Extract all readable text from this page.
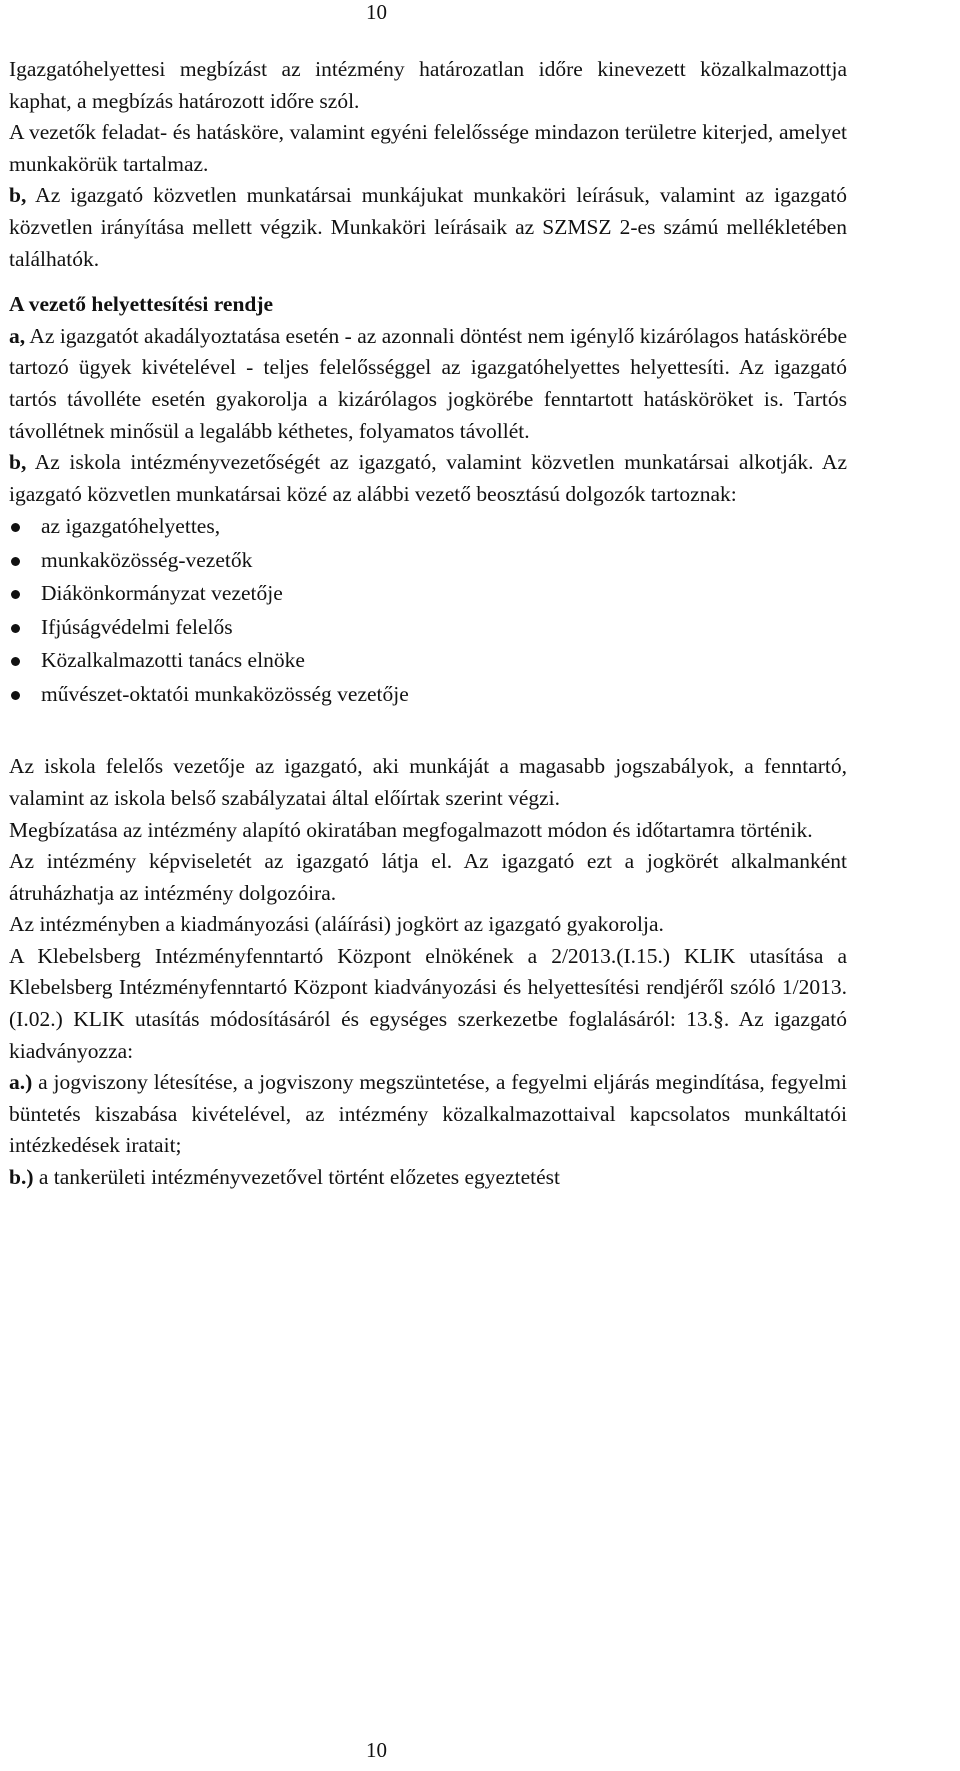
10

Igazgatóhelyettesi megbízást az intézmény határozatlan időre kinevezett közalkalmazottja kaphat, a megbízás határozott időre szól.

A vezetők feladat- és hatásköre, valamint egyéni felelőssége mindazon területre kiterjed, amelyet munkakörük tartalmaz.

b, Az igazgató közvetlen munkatársai munkájukat munkaköri leírásuk, valamint az igazgató közvetlen irányítása mellett végzik. Munkaköri leírásaik az SZMSZ 2-es számú mellékletében találhatók.

A vezető helyettesítési rendje

a, Az igazgatót akadályoztatása esetén - az azonnali döntést nem igénylő kizárólagos hatáskörébe tartozó ügyek kivételével - teljes felelősséggel az igazgatóhelyettes helyettesíti. Az igazgató tartós távolléte esetén gyakorolja a kizárólagos jogkörébe fenntartott hatásköröket is. Tartós távollétnek minősül a legalább kéthetes, folyamatos távollét.

b, Az iskola intézményvezetőségét az igazgató, valamint közvetlen munkatársai alkotják. Az igazgató közvetlen munkatársai közé az alábbi vezető beosztású dolgozók tartoznak:

az igazgatóhelyettes,
munkaközösség-vezetők
Diákönkormányzat vezetője
Ifjúságvédelmi felelős
Közalkalmazotti tanács elnöke
művészet-oktatói munkaközösség vezetője

Az iskola felelős vezetője az igazgató, aki munkáját a magasabb jogszabályok, a fenntartó, valamint az iskola belső szabályzatai által előírtak szerint végzi.

Megbízatása az intézmény alapító okiratában megfogalmazott módon és időtartamra történik.

Az intézmény képviseletét az igazgató látja el. Az igazgató ezt a jogkörét alkalmanként átruházhatja az intézmény dolgozóira.

Az intézményben a kiadmányozási (aláírási) jogkört az igazgató gyakorolja.

A Klebelsberg Intézményfenntartó Központ elnökének a 2/2013.(I.15.) KLIK utasítása a Klebelsberg Intézményfenntartó Központ kiadványozási és helyettesítési rendjéről szóló 1/2013.(I.02.) KLIK utasítás módosításáról és egységes szerkezetbe foglalásáról: 13.§. Az igazgató kiadványozza:

a.) a jogviszony létesítése, a jogviszony megszüntetése, a fegyelmi eljárás megindítása, fegyelmi büntetés kiszabása kivételével, az intézmény közalkalmazottaival kapcsolatos munkáltatói intézkedések iratait;

b.) a tankerületi intézményvezetővel történt előzetes egyeztetést

10
